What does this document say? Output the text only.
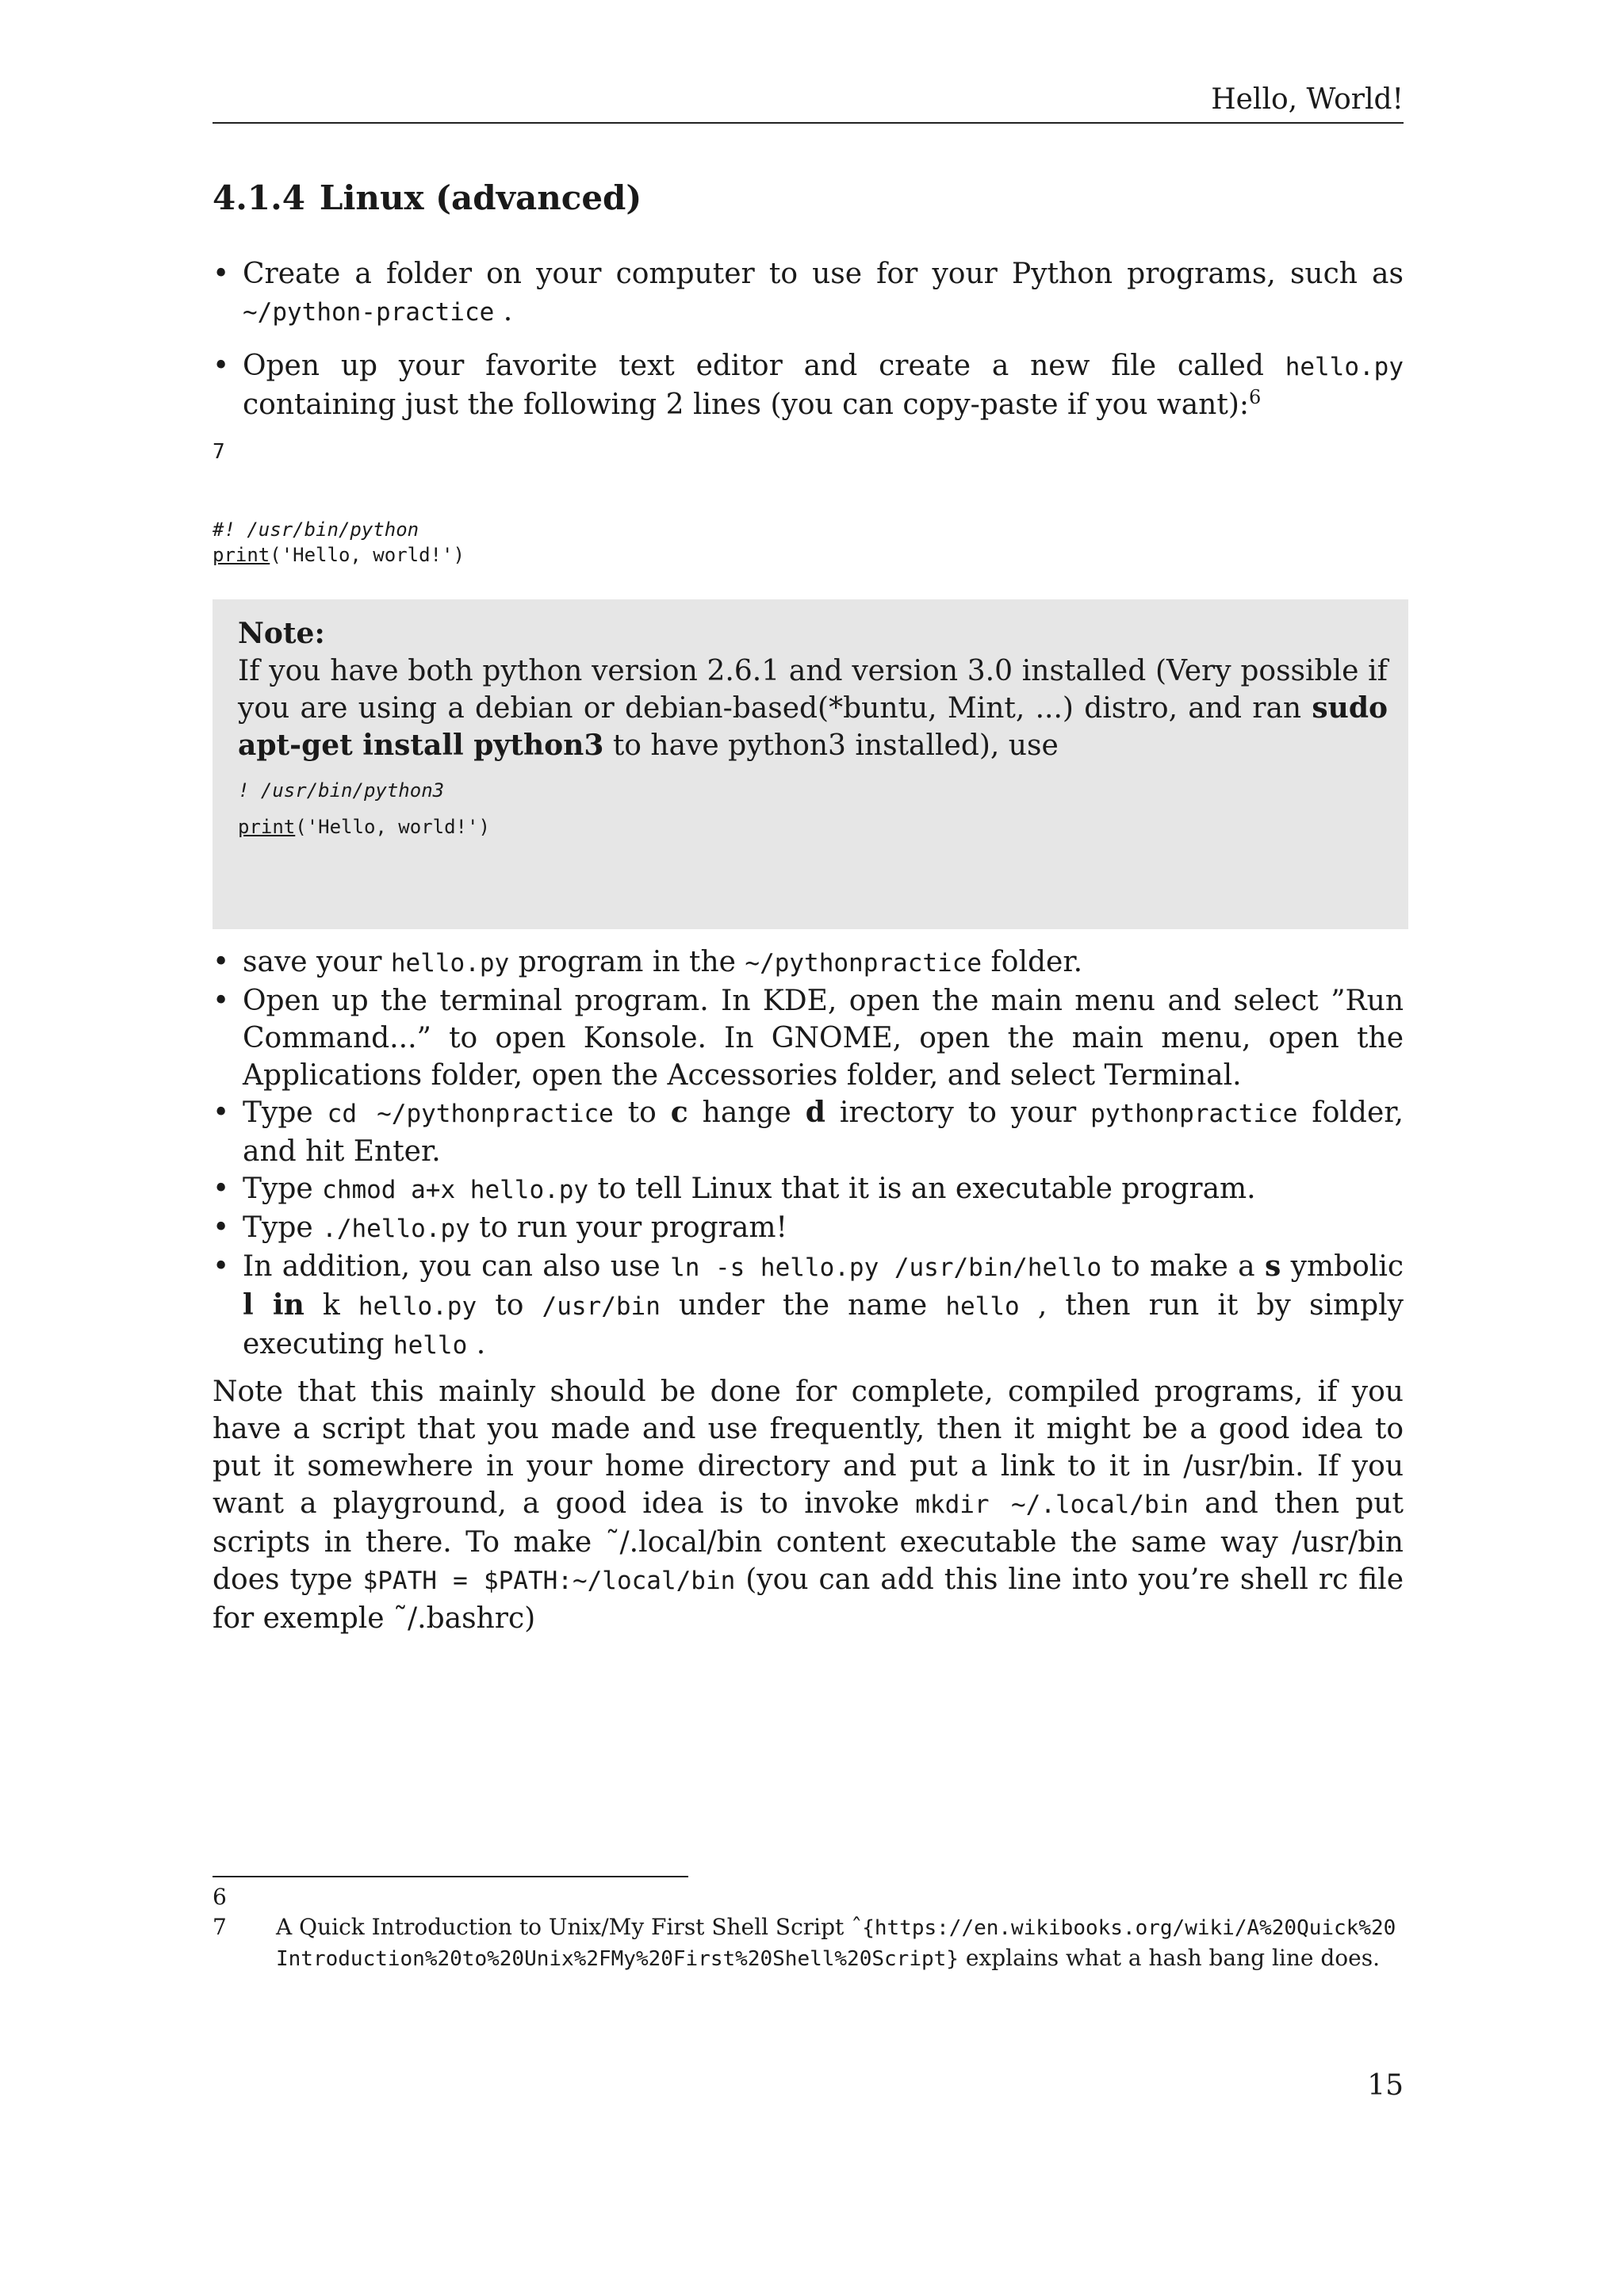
Hello, World!
4.1.4 Linux (advanced)
• Create a folder on your computer to use for your Python programs, such as ~/python-practice .
• Open up your favorite text editor and create a new file called hello.py containing just the following 2 lines (you can copy-paste if you want):$^6$
7
#! /usr/bin/python
print('Hello, world!')
Note:
If you have both python version 2.6.1 and version 3.0 installed (Very possible if you are using a debian or debian-based(*buntu, Mint, ...) distro, and ran sudo apt-get install python3 to have python3 installed), use
! /usr/bin/python3
print('Hello, world!')
• save your hello.py program in the ~/pythonpractice folder.
• Open up the terminal program. In KDE, open the main menu and select ”Run Command...” to open Konsole. In GNOME, open the main menu, open the Applications folder, open the Accessories folder, and select Terminal.
• Type cd ~/pythonpractice to c hange d irectory to your pythonpractice folder, and hit Enter.
• Type chmod a+x hello.py to tell Linux that it is an executable program.
• Type ./hello.py to run your program!
• In addition, you can also use ln -s hello.py /usr/bin/hello to make a s ymbolic l in k hello.py to /usr/bin under the name hello , then run it by simply executing hello .
Note that this mainly should be done for complete, compiled programs, if you have a script that you made and use frequently, then it might be a good idea to put it somewhere in your home directory and put a link to it in /usr/bin. If you want a playground, a good idea is to invoke mkdir ~/.local/bin and then put scripts in there. To make ˜/.local/bin content executable the same way /usr/bin does type $PATH = $PATH:~/local/bin (you can add this line into you’re shell rc file for exemple ˜/.bashrc)
6

7 A Quick Introduction to Unix/My First Shell Script ˆ{https://en.wikibooks.org/wiki/A%20Quick%20Introduction%20to%20Unix%2FMy%20First%20Shell%20Script} explains what a hash bang line does.
15
